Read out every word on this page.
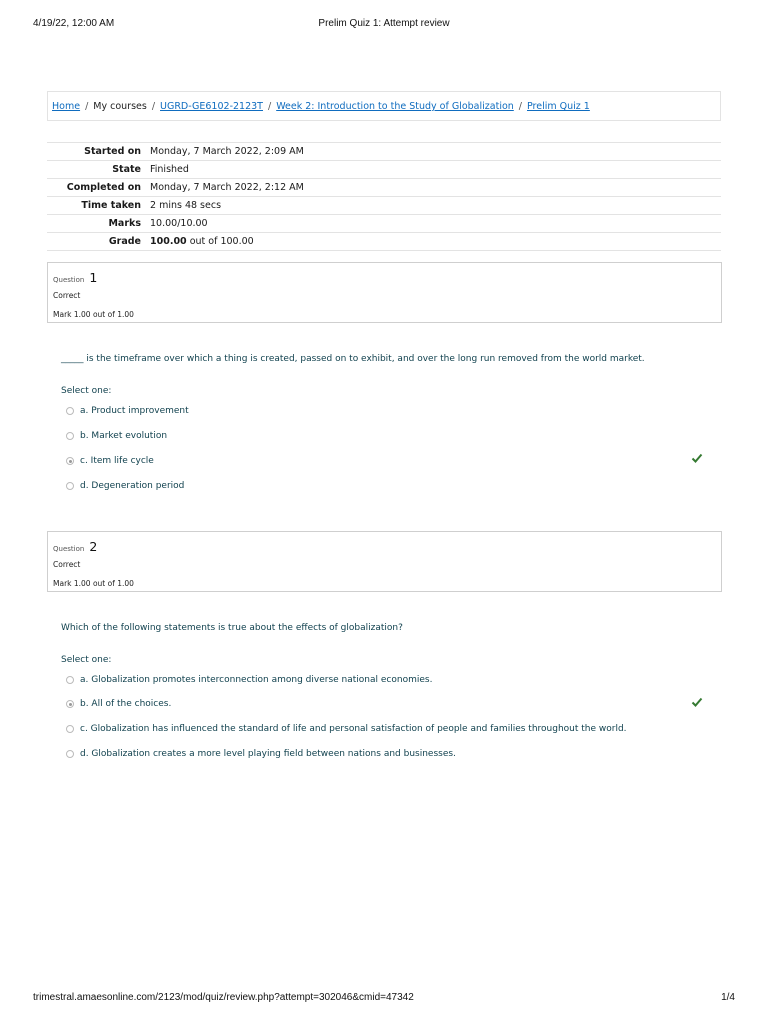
4/19/22, 12:00 AM	Prelim Quiz 1: Attempt review
Home / My courses / UGRD-GE6102-2123T / Week 2: Introduction to the Study of Globalization / Prelim Quiz 1
Started on	Monday, 7 March 2022, 2:09 AM
State	Finished
Completed on	Monday, 7 March 2022, 2:12 AM
Time taken	2 mins 48 secs
Marks	10.00/10.00
Grade	100.00 out of 100.00
Question 1
Correct
Mark 1.00 out of 1.00
_____ is the timeframe over which a thing is created, passed on to exhibit, and over the long run removed from the world market.
Select one:
a. Product improvement
b. Market evolution
c. Item life cycle
d. Degeneration period
Question 2
Correct
Mark 1.00 out of 1.00
Which of the following statements is true about the effects of globalization?
Select one:
a. Globalization promotes interconnection among diverse national economies.
b. All of the choices.
c. Globalization has influenced the standard of life and personal satisfaction of people and families throughout the world.
d. Globalization creates a more level playing field between nations and businesses.
trimestral.amaesonline.com/2123/mod/quiz/review.php?attempt=302046&cmid=47342	1/4
